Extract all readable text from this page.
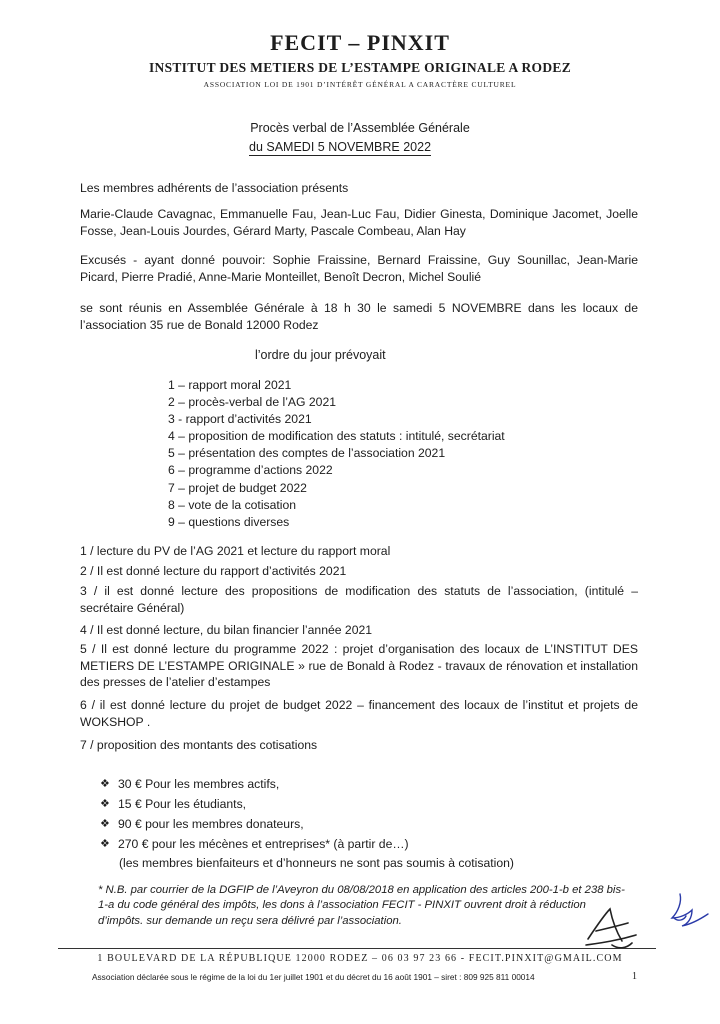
FECIT – PINXIT
INSTITUT DES METIERS DE L’ESTAMPE ORIGINALE A RODEZ
ASSOCIATION LOI DE 1901 D’INTÉRÊT GÉNÉRAL A CARACTÈRE CULTUREL
Procès verbal de l’Assemblée Générale
du SAMEDI 5 NOVEMBRE 2022
Les membres adhérents de l’association présents
Marie-Claude Cavagnac, Emmanuelle Fau, Jean-Luc Fau, Didier Ginesta, Dominique Jacomet, Joelle Fosse, Jean-Louis Jourdes, Gérard Marty, Pascale Combeau, Alan Hay
Excusés - ayant donné pouvoir: Sophie Fraissine, Bernard Fraissine, Guy Sounillac, Jean-Marie Picard, Pierre Pradié, Anne-Marie Monteillet, Benoît Decron, Michel Soulié
se sont réunis en Assemblée Générale à 18 h 30 le samedi 5 NOVEMBRE dans les locaux de l’association 35 rue de Bonald 12000 Rodez
l’ordre du jour prévoyait
1 – rapport moral 2021
2 – procès-verbal de l’AG 2021
3 - rapport d’activités 2021
4 – proposition de modification des statuts : intitulé, secrétariat
5 – présentation des comptes de l’association 2021
6 – programme d’actions 2022
7 – projet de budget 2022
8 – vote de la cotisation
9 – questions diverses
1 / lecture du PV de l’AG 2021 et lecture du rapport moral
2 / Il est donné lecture du rapport d’activités 2021
3 / il est donné lecture des propositions de modification des statuts de l’association, (intitulé – secrétaire Général)
4 / Il est donné lecture, du bilan financier l’année 2021
5 / Il est donné lecture du programme 2022 : projet d’organisation des locaux de L’INSTITUT DES METIERS DE L’ESTAMPE ORIGINALE » rue de Bonald à Rodez - travaux de rénovation et installation des presses de l’atelier d’estampes
6 / il est donné lecture du projet de budget 2022 – financement des locaux de l’institut et projets de WOKSHOP .
7 / proposition des montants des cotisations
❖ 30 € Pour les membres actifs,
❖ 15 € Pour les étudiants,
❖ 90 € pour les membres donateurs,
❖ 270 € pour les mécènes et entreprises* (à partir de…)
(les membres bienfaiteurs et d’honneurs ne sont pas soumis à cotisation)
* N.B. par courrier de la DGFIP de l’Aveyron du 08/08/2018 en application des articles 200-1-b et 238 bis-1-a du code général des impôts, les dons à l’association FECIT - PINXIT ouvrent droit à réduction d’impôts. sur demande un reçu sera délivré par l’association.
1 BOULEVARD DE LA RÉPUBLIQUE 12000 RODEZ – 06 03 97 23 66 - FECIT.PINXIT@GMAIL.COM
Association déclarée sous le régime de la loi du 1er juillet 1901 et du décret du 16 août 1901 – siret : 809 925 811 00014	1
